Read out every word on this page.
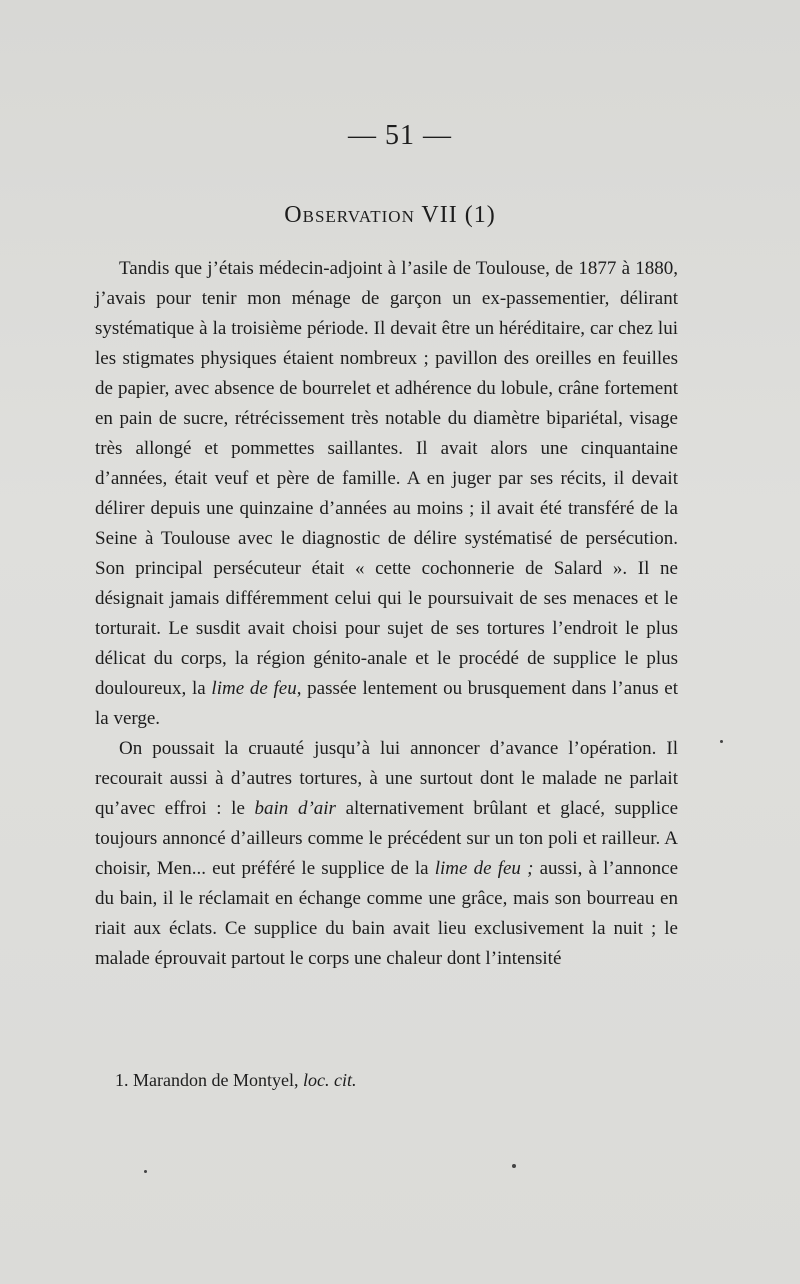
— 51 —
Observation VII (1)

Tandis que j’étais médecin-adjoint à l’asile de Toulouse, de 1877 à 1880, j’avais pour tenir mon ménage de garçon un ex-passementier, délirant systématique à la troisième période. Il devait être un héréditaire, car chez lui les stigmates physiques étaient nombreux ; pavillon des oreilles en feuilles de papier, avec absence de bourrelet et adhérence du lobule, crâne fortement en pain de sucre, rétrécissement très notable du diamètre bipariétal, visage très allongé et pommettes saillantes. Il avait alors une cinquantaine d’années, était veuf et père de famille. A en juger par ses récits, il devait délirer depuis une quinzaine d’années au moins ; il avait été transféré de la Seine à Toulouse avec le diagnostic de délire systématisé de persécution. Son principal persécuteur était « cette cochonnerie de Salard ». Il ne désignait jamais différemment celui qui le poursuivait de ses menaces et le torturait. Le susdit avait choisi pour sujet de ses tortures l’endroit le plus délicat du corps, la région génito-anale et le procédé de supplice le plus douloureux, la lime de feu, passée lentement ou brusquement dans l’anus et la verge.

On poussait la cruauté jusqu’à lui annoncer d’avance l’opération. Il recourait aussi à d’autres tortures, à une surtout dont le malade ne parlait qu’avec effroi : le bain d’air alternativement brûlant et glacé, supplice toujours annoncé d’ailleurs comme le précédent sur un ton poli et railleur. A choisir, Men... eut préféré le supplice de la lime de feu ; aussi, à l’annonce du bain, il le réclamait en échange comme une grâce, mais son bourreau en riait aux éclats. Ce supplice du bain avait lieu exclusivement la nuit ; le malade éprouvait partout le corps une chaleur dont l’intensité

1. Marandon de Montyel, loc. cit.
